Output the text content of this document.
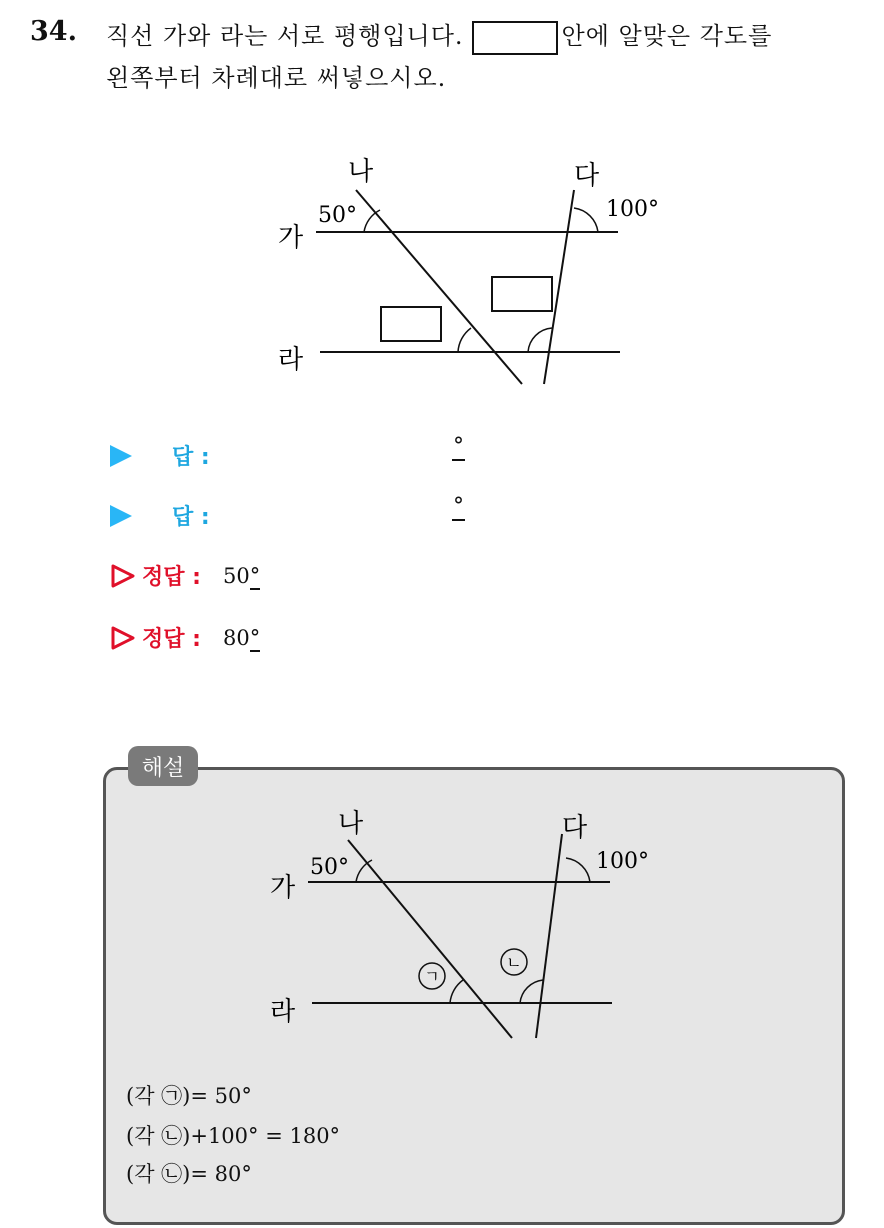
34. 직선 가와 라는 서로 평행입니다.	안에 알맞은 각도를
왼쪽부터 차례대로 써넣으시오.
가
라
나	다
50°	100°
답 :	°
답 :	°
정답 : 50°
정답 : 80°
해설
ㄱ
ㄴ
가
라
나	다
50°	100°
(각 ㉠)= 50°
(각 ㉡)+100° = 180°
(각 ㉡)= 80°
